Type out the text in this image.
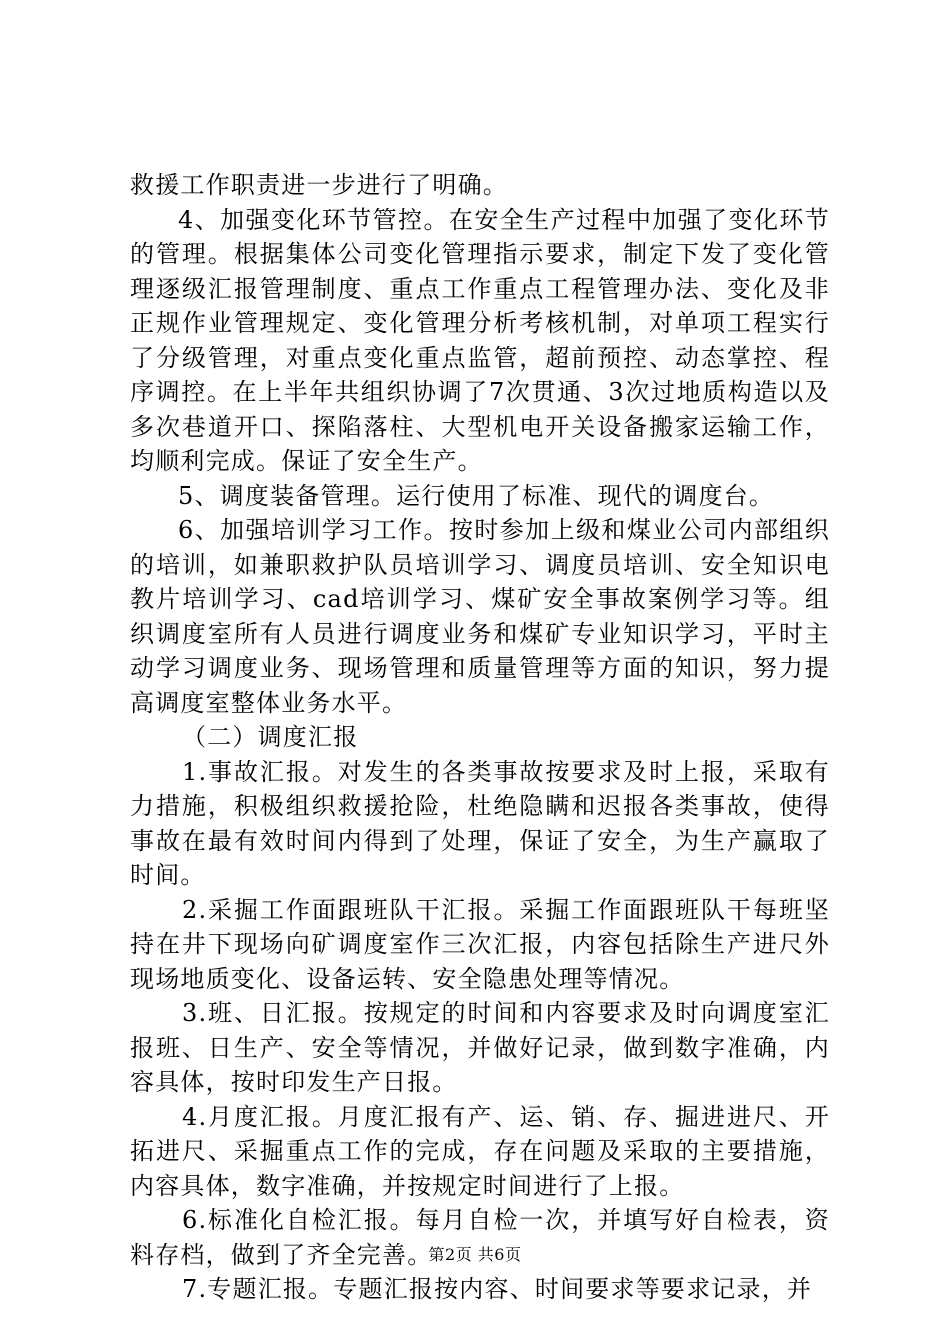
救援工作职责进一步进行了明确。

4、加强变化环节管控。在安全生产过程中加强了变化环节的管理。根据集体公司变化管理指示要求，制定下发了变化管理逐级汇报管理制度、重点工作重点工程管理办法、变化及非正规作业管理规定、变化管理分析考核机制，对单项工程实行了分级管理，对重点变化重点监管，超前预控、动态掌控、程序调控。在上半年共组织协调了7次贯通、3次过地质构造以及多次巷道开口、探陷落柱、大型机电开关设备搬家运输工作，均顺利完成。保证了安全生产。

5、调度装备管理。运行使用了标准、现代的调度台。

6、加强培训学习工作。按时参加上级和煤业公司内部组织的培训，如兼职救护队员培训学习、调度员培训、安全知识电教片培训学习、cad培训学习、煤矿安全事故案例学习等。组织调度室所有人员进行调度业务和煤矿专业知识学习，平时主动学习调度业务、现场管理和质量管理等方面的知识，努力提高调度室整体业务水平。

（二）调度汇报

1.事故汇报。对发生的各类事故按要求及时上报，采取有力措施，积极组织救援抢险，杜绝隐瞒和迟报各类事故，使得事故在最有效时间内得到了处理，保证了安全，为生产赢取了时间。

2.采掘工作面跟班队干汇报。采掘工作面跟班队干每班坚持在井下现场向矿调度室作三次汇报，内容包括除生产进尺外现场地质变化、设备运转、安全隐患处理等情况。

3.班、日汇报。按规定的时间和内容要求及时向调度室汇报班、日生产、安全等情况，并做好记录，做到数字准确，内容具体，按时印发生产日报。

4.月度汇报。月度汇报有产、运、销、存、掘进进尺、开拓进尺、采掘重点工作的完成，存在问题及采取的主要措施，内容具体，数字准确，并按规定时间进行了上报。

6.标准化自检汇报。每月自检一次，并填写好自检表，资料存档，做到了齐全完善。

7.专题汇报。专题汇报按内容、时间要求等要求记录，并

第2页 共6页
